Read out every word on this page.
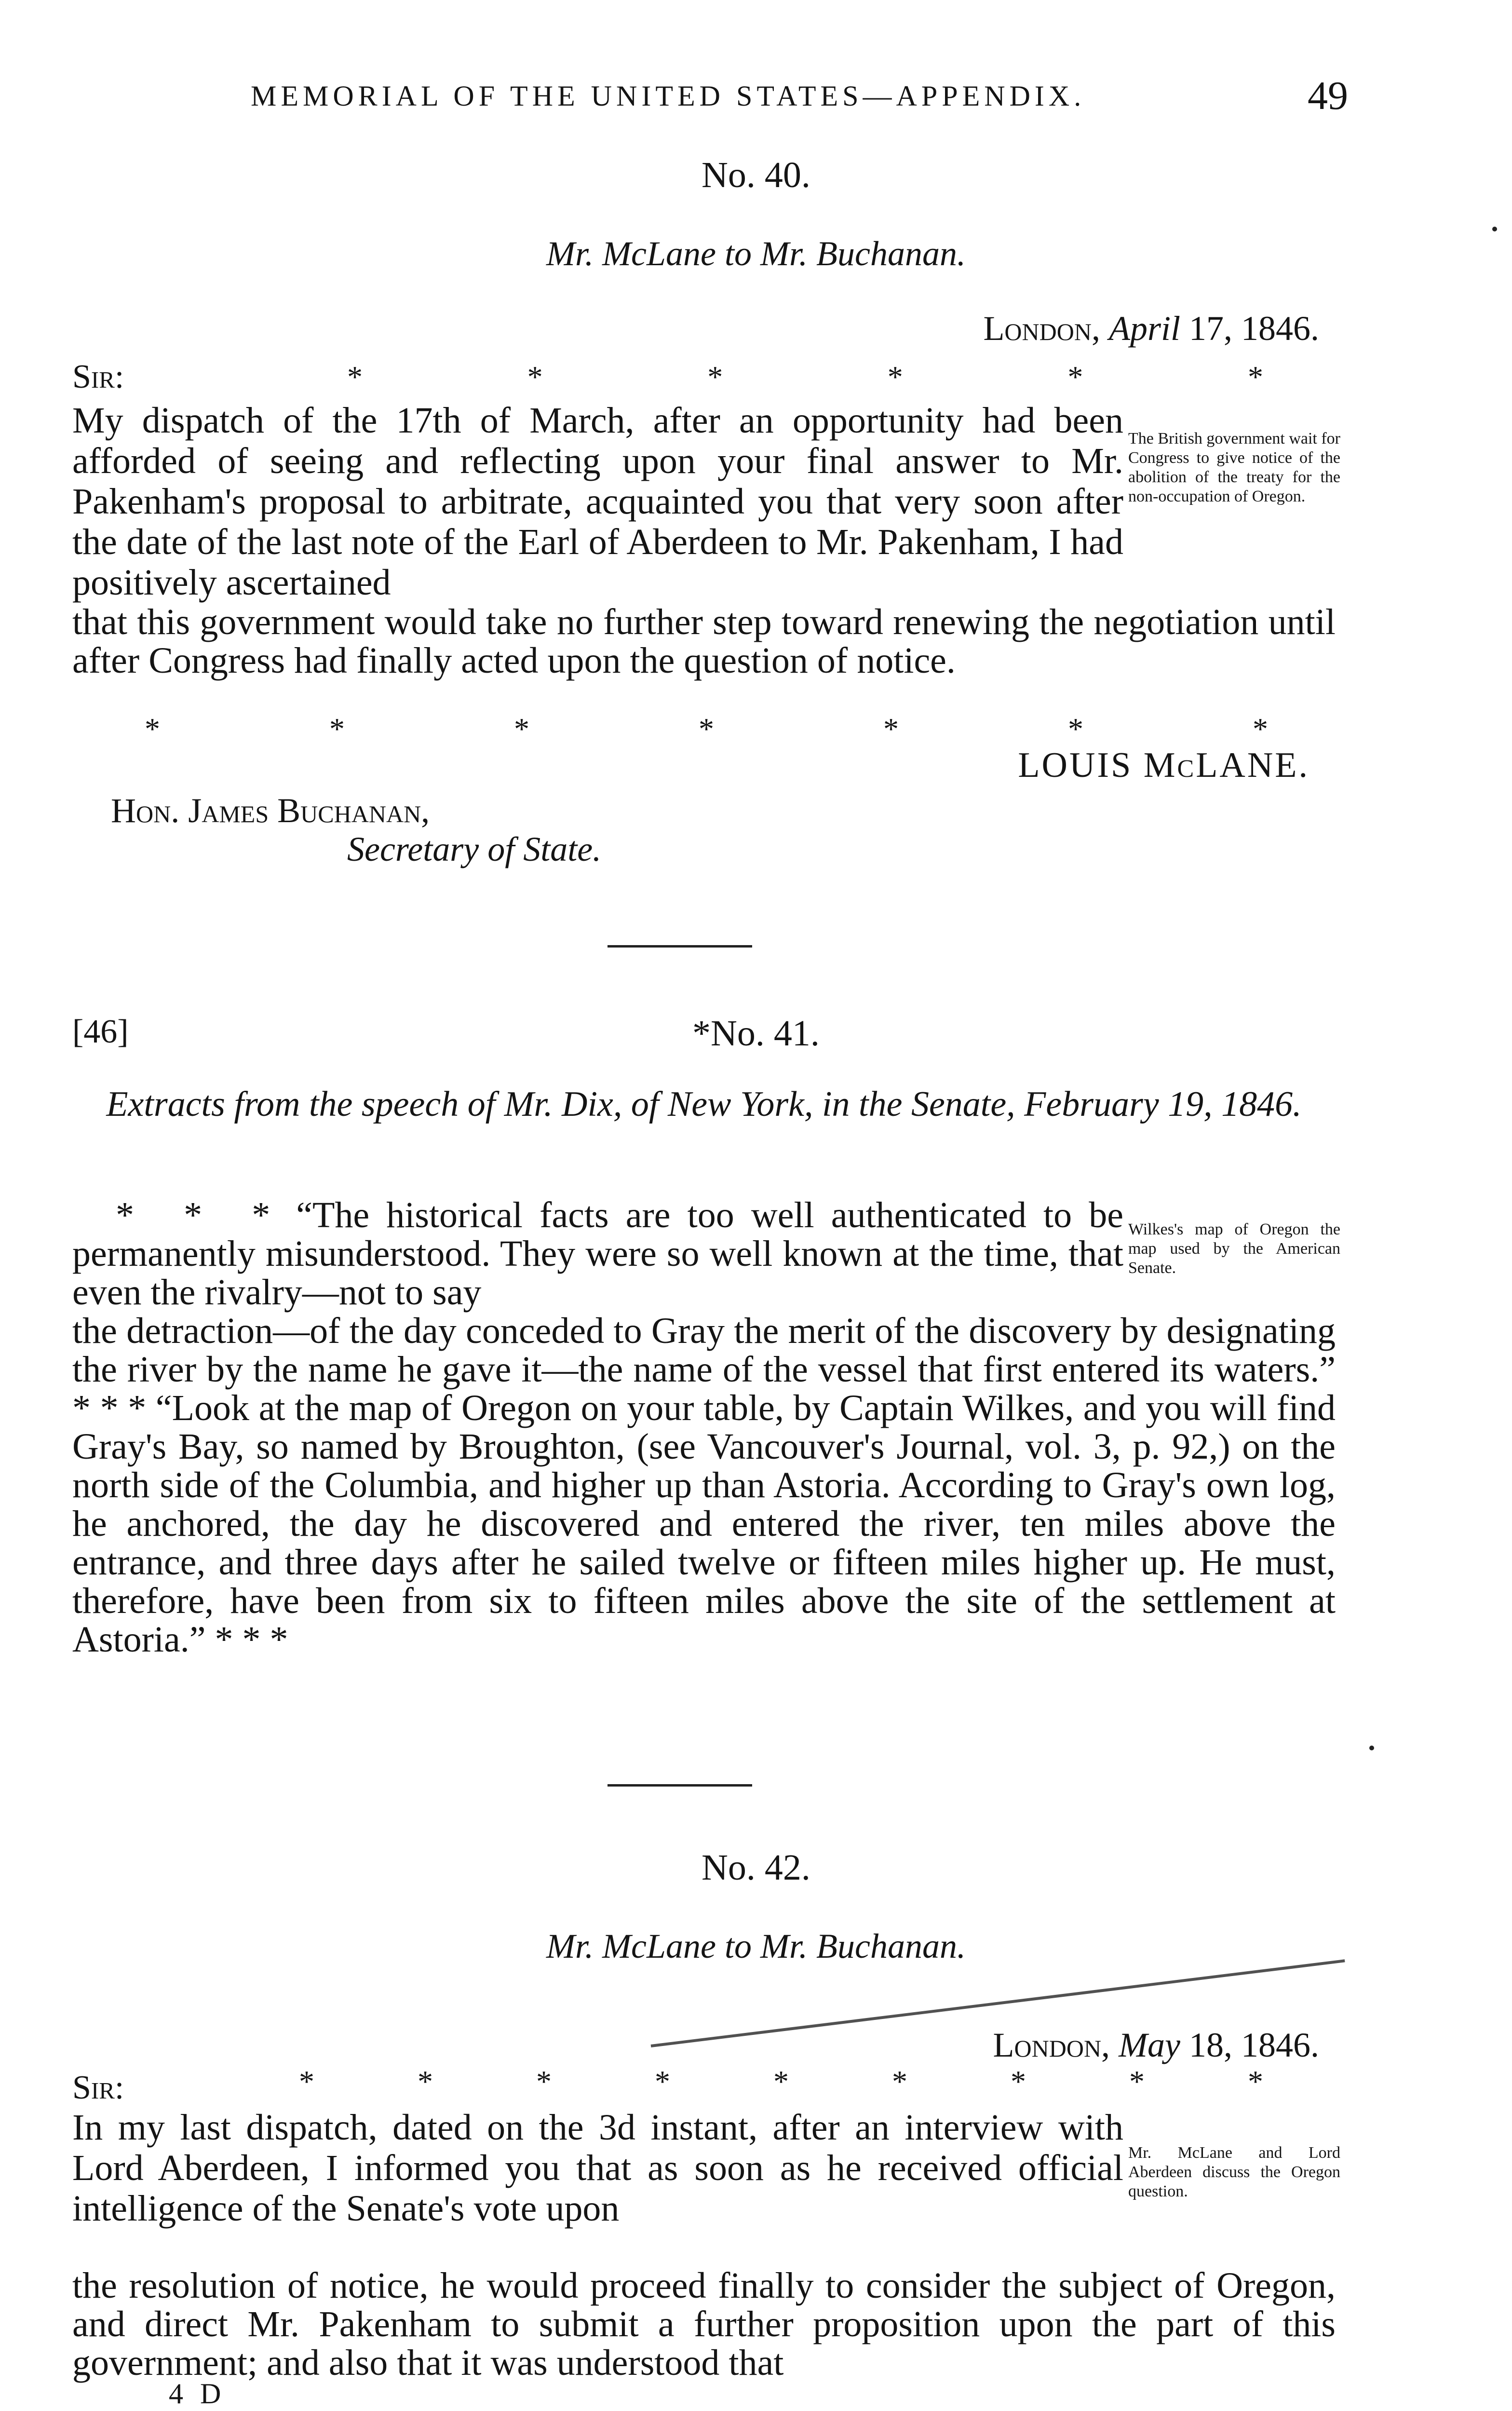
MEMORIAL OF THE UNITED STATES—APPENDIX.	49
No. 40.
Mr. McLane to Mr. Buchanan.
London, April 17, 1846.
Sir:	*	*	*	*	*	*
My dispatch of the 17th of March, after an opportunity had been afforded of seeing and reflecting upon your final answer to Mr. Pakenham's proposal to arbitrate, acquainted you that very soon after the date of the last note of the Earl of Aberdeen to Mr. Pakenham, I had positively ascertained
The British government wait for Congress to give notice of the abolition of the treaty for the non-occupation of Oregon.
that this government would take no further step toward renewing the negotiation until after Congress had finally acted upon the question of notice.
*	*	*	*	*	*	*
LOUIS McLANE.
Hon. James Buchanan,
Secretary of State.
[46]	*No. 41.
Extracts from the speech of Mr. Dix, of New York, in the Senate, February 19, 1846.
* * * “The historical facts are too well authenticated to be permanently misunderstood. They were so well known at the time, that even the rivalry—not to say
Wilkes's map of Oregon the map used by the American Senate.
the detraction—of the day conceded to Gray the merit of the discovery by designating the river by the name he gave it—the name of the vessel that first entered its waters.” * * * “Look at the map of Oregon on your table, by Captain Wilkes, and you will find Gray's Bay, so named by Broughton, (see Vancouver's Journal, vol. 3, p. 92,) on the north side of the Columbia, and higher up than Astoria. According to Gray's own log, he anchored, the day he discovered and entered the river, ten miles above the entrance, and three days after he sailed twelve or fifteen miles higher up. He must, therefore, have been from six to fifteen miles above the site of the settlement at Astoria.” * * *
No. 42.
Mr. McLane to Mr. Buchanan.
London, May 18, 1846.
Sir:	*	*	*	*	*	*	*	*	*
In my last dispatch, dated on the 3d instant, after an interview with Lord Aberdeen, I informed you that as soon as he received official intelligence of the Senate's vote upon
Mr. McLane and Lord Aberdeen discuss the Oregon question.
the resolution of notice, he would proceed finally to consider the subject of Oregon, and direct Mr. Pakenham to submit a further proposition upon the part of this government; and also that it was understood that
4 D
